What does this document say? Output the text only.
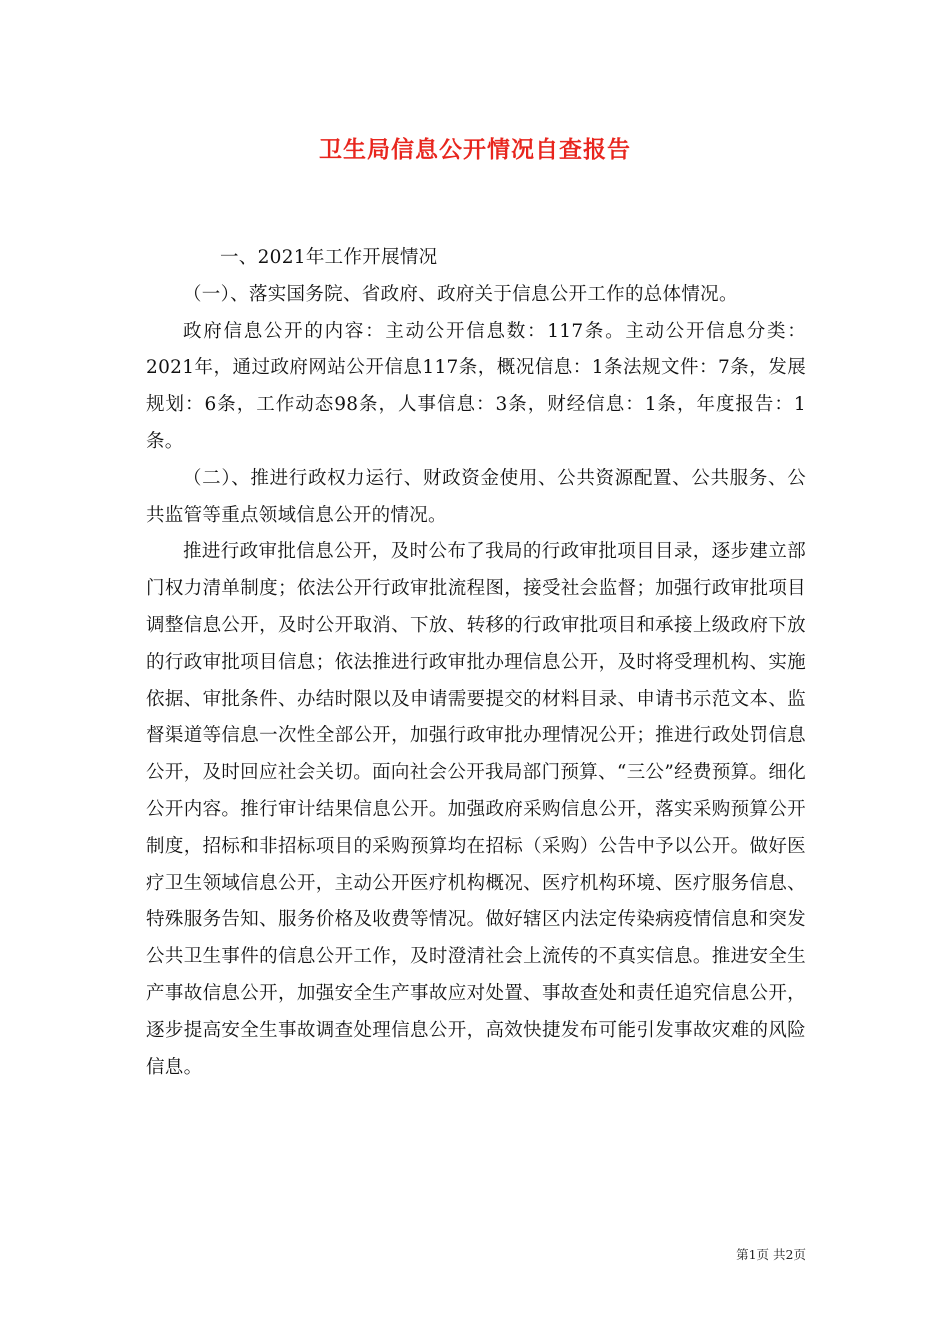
卫生局信息公开情况自查报告

一、2021年工作开展情况

（一）、落实国务院、省政府、政府关于信息公开工作的总体情况。

政府信息公开的内容：主动公开信息数：117条。主动公开信息分类：2021年，通过政府网站公开信息117条，概况信息：1条法规文件：7条，发展规划：6条，工作动态98条，人事信息：3条，财经信息：1条，年度报告：1条。

（二）、推进行政权力运行、财政资金使用、公共资源配置、公共服务、公共监管等重点领域信息公开的情况。

推进行政审批信息公开，及时公布了我局的行政审批项目目录，逐步建立部门权力清单制度；依法公开行政审批流程图，接受社会监督；加强行政审批项目调整信息公开，及时公开取消、下放、转移的行政审批项目和承接上级政府下放的行政审批项目信息；依法推进行政审批办理信息公开，及时将受理机构、实施依据、审批条件、办结时限以及申请需要提交的材料目录、申请书示范文本、监督渠道等信息一次性全部公开，加强行政审批办理情况公开；推进行政处罚信息公开，及时回应社会关切。面向社会公开我局部门预算、“三公”经费预算。细化公开内容。推行审计结果信息公开。加强政府采购信息公开，落实采购预算公开制度，招标和非招标项目的采购预算均在招标（采购）公告中予以公开。做好医疗卫生领域信息公开，主动公开医疗机构概况、医疗机构环境、医疗服务信息、特殊服务告知、服务价格及收费等情况。做好辖区内法定传染病疫情信息和突发公共卫生事件的信息公开工作，及时澄清社会上流传的不真实信息。推进安全生产事故信息公开，加强安全生产事故应对处置、事故查处和责任追究信息公开，逐步提高安全生事故调查处理信息公开，高效快捷发布可能引发事故灾难的风险信息。

第1页 共2页
